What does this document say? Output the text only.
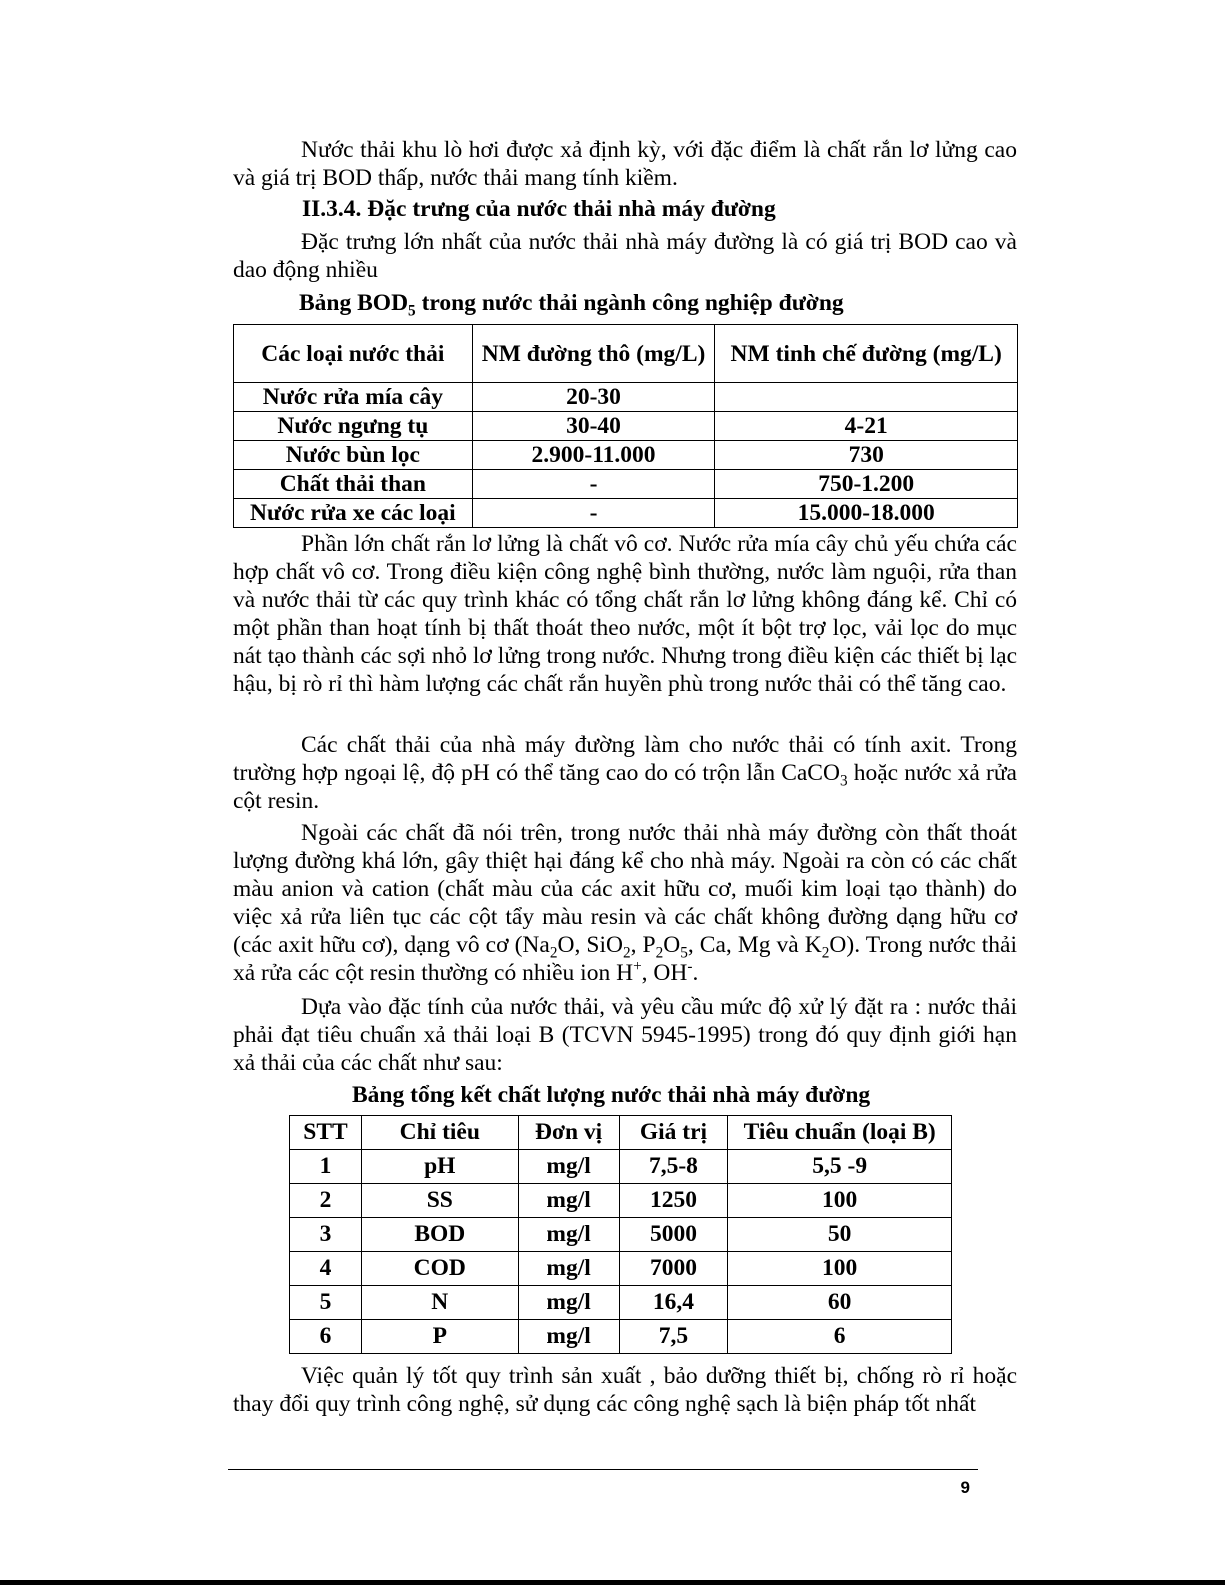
Nước thải khu lò hơi được xả định kỳ, với đặc điểm là chất rắn lơ lửng cao và giá trị BOD thấp, nước thải mang tính kiềm.

II.3.4. Đặc trưng của nước thải nhà máy đường

Đặc trưng lớn nhất của nước thải nhà máy đường là có giá trị BOD cao và dao động nhiều

Bảng $BOD_5$ trong nước thải ngành công nghiệp đường

Các loại nước thải	NM đường thô (mg/L)	NM tinh chế đường (mg/L)
Nước rửa mía cây	20-30	
Nước ngưng tụ	30-40	4-21
Nước bùn lọc	2.900-11.000	730
Chất thải than	-	750-1.200
Nước rửa xe các loại	-	15.000-18.000

Phần lớn chất rắn lơ lửng là chất vô cơ. Nước rửa mía cây chủ yếu chứa các hợp chất vô cơ. Trong điều kiện công nghệ bình thường, nước làm nguội, rửa than và nước thải từ các quy trình khác có tổng chất rắn lơ lửng không đáng kể. Chỉ có một phần than hoạt tính bị thất thoát theo nước, một ít bột trợ lọc, vải lọc do mục nát tạo thành các sợi nhỏ lơ lửng trong nước. Nhưng trong điều kiện các thiết bị lạc hậu, bị rò rỉ thì hàm lượng các chất rắn huyền phù trong nước thải có thể tăng cao.

Các chất thải của nhà máy đường làm cho nước thải có tính axit. Trong trường hợp ngoại lệ, độ pH có thể tăng cao do có trộn lẫn CaCO$_3$ hoặc nước xả rửa cột resin.

Ngoài các chất đã nói trên, trong nước thải nhà máy đường còn thất thoát lượng đường khá lớn, gây thiệt hại đáng kể cho nhà máy. Ngoài ra còn có các chất màu anion và cation (chất màu của các axit hữu cơ, muối kim loại tạo thành) do việc xả rửa liên tục các cột tẩy màu resin và các chất không đường dạng hữu cơ (các axit hữu cơ), dạng vô cơ ($Na_2O$, SiO$_2$, $P_2O_5$, Ca, Mg và $K_2O$). Trong nước thải xả rửa các cột resin thường có nhiều ion H+, OH-.

Dựa vào đặc tính của nước thải, và yêu cầu mức độ xử lý đặt ra : nước thải phải đạt tiêu chuẩn xả thải loại B (TCVN 5945-1995) trong đó quy định giới hạn xả thải của các chất như sau:

Bảng tổng kết chất lượng nước thải nhà máy đường

STT	Chỉ tiêu	Đơn vị	Giá trị	Tiêu chuẩn (loại B)
1	pH	mg/l	7,5-8	5,5 -9
2	SS	mg/l	1250	100
3	BOD	mg/l	5000	50
4	COD	mg/l	7000	100
5	N	mg/l	16,4	60
6	P	mg/l	7,5	6

Việc quản lý tốt quy trình sản xuất , bảo dưỡng thiết bị, chống rò rỉ hoặc thay đổi quy trình công nghệ, sử dụng các công nghệ sạch là biện pháp tốt nhất

9
